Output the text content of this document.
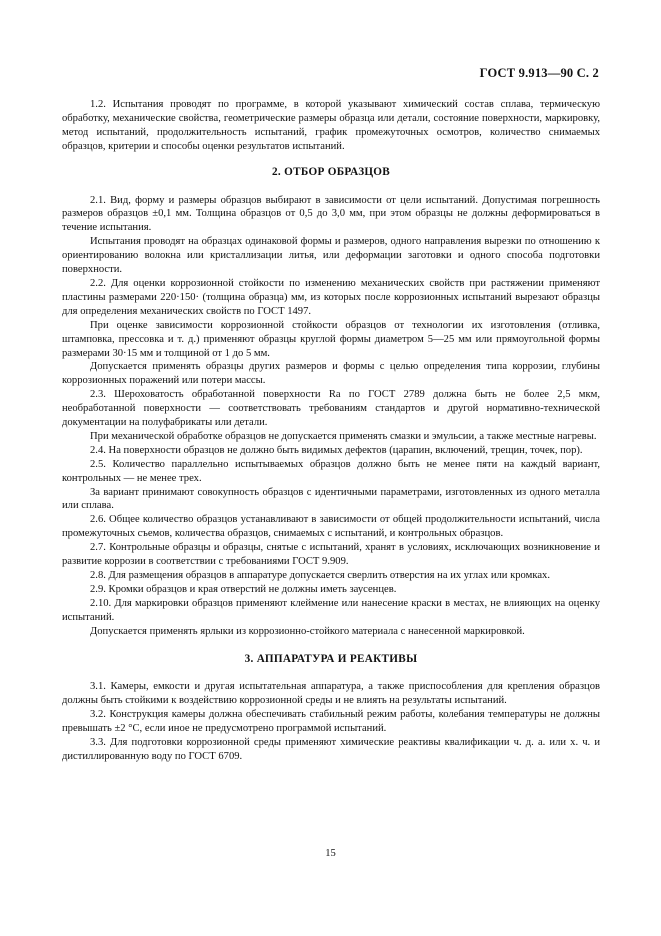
ГОСТ 9.913—90 С. 2

1.2. Испытания проводят по программе, в которой указывают химический состав сплава, термическую обработку, механические свойства, геометрические размеры образца или детали, состояние поверхности, маркировку, метод испытаний, продолжительность испытаний, график промежуточных осмотров, количество снимаемых образцов, критерии и способы оценки результатов испытаний.

2. ОТБОР ОБРАЗЦОВ

2.1. Вид, форму и размеры образцов выбирают в зависимости от цели испытаний. Допустимая погрешность размеров образцов ±0,1 мм. Толщина образцов от 0,5 до 3,0 мм, при этом образцы не должны деформироваться в течение испытания.

Испытания проводят на образцах одинаковой формы и размеров, одного направления вырезки по отношению к ориентированию волокна или кристаллизации литья, или деформации заготовки и одного способа подготовки поверхности.

2.2. Для оценки коррозионной стойкости по изменению механических свойств при растяжении применяют пластины размерами 220·150· (толщина образца) мм, из которых после коррозионных испытаний вырезают образцы для определения механических свойств по ГОСТ 1497.

При оценке зависимости коррозионной стойкости образцов от технологии их изготовления (отливка, штамповка, прессовка и т. д.) применяют образцы круглой формы диаметром 5—25 мм или прямоугольной формы размерами 30·15 мм и толщиной от 1 до 5 мм.

Допускается применять образцы других размеров и формы с целью определения типа коррозии, глубины коррозионных поражений или потери массы.

2.3. Шероховатость обработанной поверхности Ra по ГОСТ 2789 должна быть не более 2,5 мкм, необработанной поверхности — соответствовать требованиям стандартов и другой нормативно-технической документации на полуфабрикаты или детали.

При механической обработке образцов не допускается применять смазки и эмульсии, а также местные нагревы.

2.4. На поверхности образцов не должно быть видимых дефектов (царапин, включений, трещин, точек, пор).

2.5. Количество параллельно испытываемых образцов должно быть не менее пяти на каждый вариант, контрольных — не менее трех.

За вариант принимают совокупность образцов с идентичными параметрами, изготовленных из одного металла или сплава.

2.6. Общее количество образцов устанавливают в зависимости от общей продолжительности испытаний, числа промежуточных съемов, количества образцов, снимаемых с испытаний, и контрольных образцов.

2.7. Контрольные образцы и образцы, снятые с испытаний, хранят в условиях, исключающих возникновение и развитие коррозии в соответствии с требованиями ГОСТ 9.909.

2.8. Для размещения образцов в аппаратуре допускается сверлить отверстия на их углах или кромках.

2.9. Кромки образцов и края отверстий не должны иметь заусенцев.

2.10. Для маркировки образцов применяют клеймение или нанесение краски в местах, не влияющих на оценку испытаний.

Допускается применять ярлыки из коррозионно-стойкого материала с нанесенной маркировкой.

3. АППАРАТУРА И РЕАКТИВЫ

3.1. Камеры, емкости и другая испытательная аппаратура, а также приспособления для крепления образцов должны быть стойкими к воздействию коррозионной среды и не влиять на результаты испытаний.

3.2. Конструкция камеры должна обеспечивать стабильный режим работы, колебания температуры не должны превышать ±2 °С, если иное не предусмотрено программой испытаний.

3.3. Для подготовки коррозионной среды применяют химические реактивы квалификации ч. д. а. или х. ч. и дистиллированную воду по ГОСТ 6709.

15
